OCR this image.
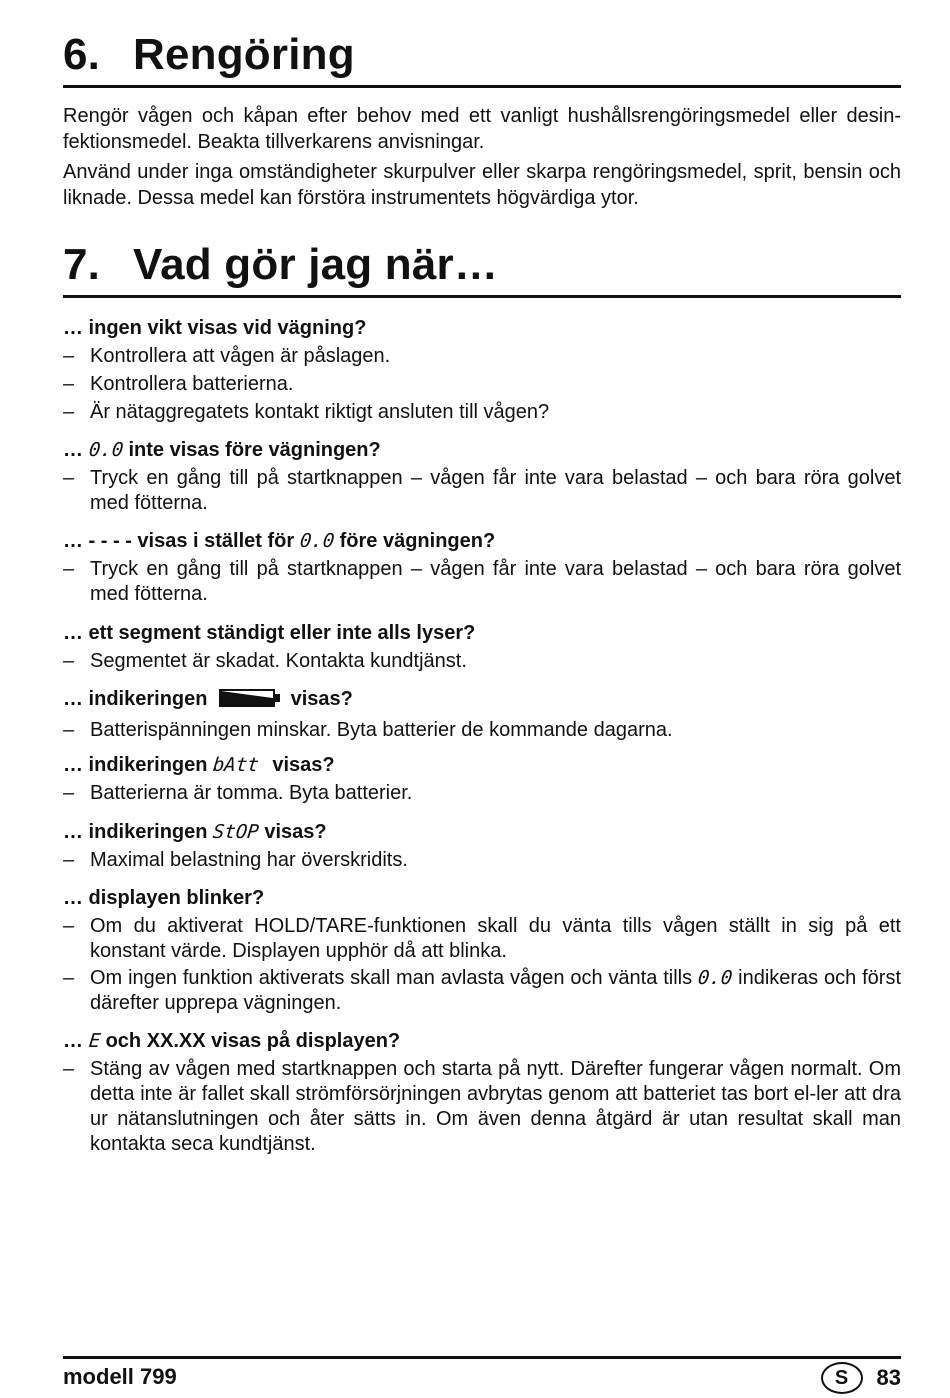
6. Rengöring

Rengör vågen och kåpan efter behov med ett vanligt hushållsrengöringsmedel eller desin-fektionsmedel. Beakta tillverkarens anvisningar.

Använd under inga omständigheter skurpulver eller skarpa rengöringsmedel, sprit, bensin och liknade. Dessa medel kan förstöra instrumentets högvärdiga ytor.

7. Vad gör jag när…

… ingen vikt visas vid vägning?

– Kontrollera att vågen är påslagen.
– Kontrollera batterierna.
– Är nätaggregatets kontakt riktigt ansluten till vågen?

… 0.0 inte visas före vägningen?

– Tryck en gång till på startknappen – vågen får inte vara belastad – och bara röra golvet med fötterna.

… - - - - visas i stället för 0.0 före vägningen?

– Tryck en gång till på startknappen – vågen får inte vara belastad – och bara röra golvet med fötterna.

… ett segment ständigt eller inte alls lyser?

– Segmentet är skadat. Kontakta kundtjänst.

… indikeringen	visas?

– Batterispänningen minskar. Byta batterier de kommande dagarna.

… indikeringen bAtt visas?

– Batterierna är tomma. Byta batterier.

… indikeringen StOP visas?

– Maximal belastning har överskridits.

… displayen blinker?

– Om du aktiverat HOLD/TARE-funktionen skall du vänta tills vågen ställt in sig på ett konstant värde. Displayen upphör då att blinka.
– Om ingen funktion aktiverats skall man avlasta vågen och vänta tills 0.0 indikeras och först därefter upprepa vägningen.

… E och XX.XX visas på displayen?

– Stäng av vågen med startknappen och starta på nytt. Därefter fungerar vågen normalt. Om detta inte är fallet skall strömförsörjningen avbrytas genom att batteriet tas bort el-ler att dra ur nätanslutningen och åter sätts in. Om även denna åtgärd är utan resultat skall man kontakta seca kundtjänst.
modell 799	S	83
